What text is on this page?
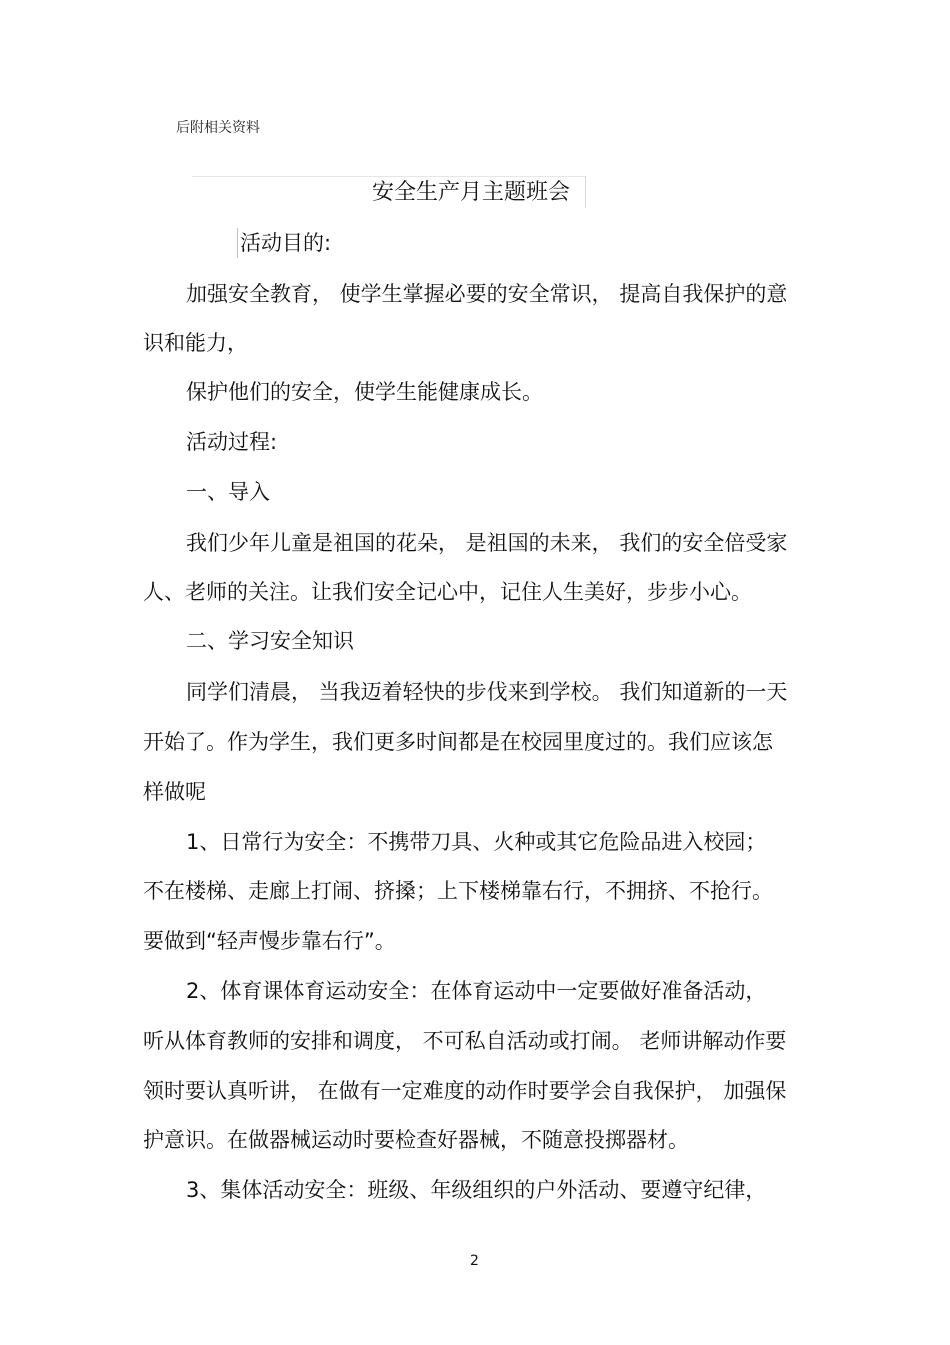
后附相关资料
安全生产月主题班会
活动目的:
加强安全教育， 使学生掌握必要的安全常识， 提高自我保护的意
识和能力，
保护他们的安全，使学生能健康成长。
活动过程:
一、导入
我们少年儿童是祖国的花朵， 是祖国的未来， 我们的安全倍受家
人、老师的关注。让我们安全记心中，记住人生美好，步步小心。
二、学习安全知识
同学们清晨， 当我迈着轻快的步伐来到学校。 我们知道新的一天
开始了。作为学生，我们更多时间都是在校园里度过的。我们应该怎
样做呢
1、日常行为安全：不携带刀具、火种或其它危险品进入校园；
不在楼梯、走廊上打闹、挤搡；上下楼梯靠右行，不拥挤、不抢行。
要做到“轻声慢步靠右行”。
2、体育课体育运动安全：在体育运动中一定要做好准备活动，
听从体育教师的安排和调度， 不可私自活动或打闹。 老师讲解动作要
领时要认真听讲， 在做有一定难度的动作时要学会自我保护， 加强保
护意识。在做器械运动时要检查好器械，不随意投掷器材。
3、集体活动安全：班级、年级组织的户外活动、要遵守纪律，
2
